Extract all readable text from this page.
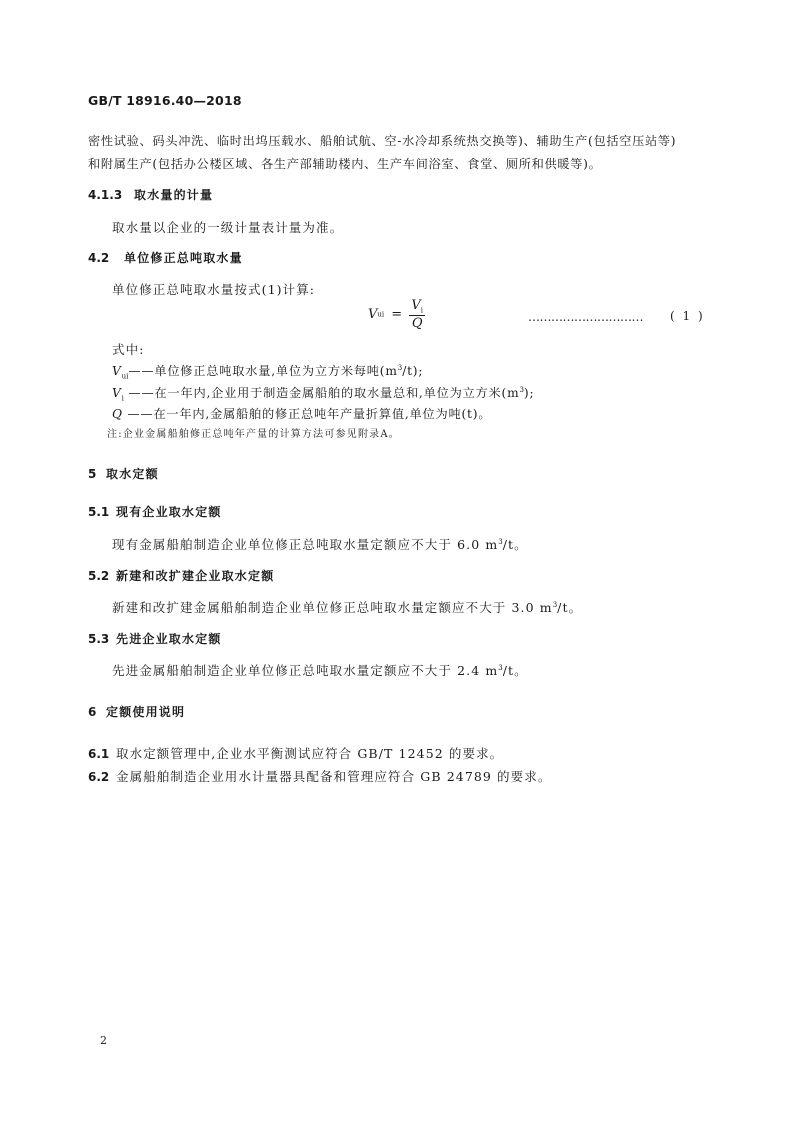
GB/T 18916.40—2018
密性试验、码头冲洗、临时出坞压载水、船舶试航、空-水冷却系统热交换等)、辅助生产(包括空压站等)
和附属生产(包括办公楼区域、各生产部辅助楼内、生产车间浴室、食堂、厕所和供暖等)。
4.1.3 取水量的计量
取水量以企业的一级计量表计量为准。
4.2 单位修正总吨取水量
单位修正总吨取水量按式(1)计算:
Vui = $\frac{V_i}{Q}$	………………………… ( 1 )
式中:
$V_{ui}——$单位修正总吨取水量,单位为立方米每吨$(m^3/t)$;
$V_i$ ——在一年内,企业用于制造金属船舶的取水量总和,单位为立方米$(m^3)$;
Q ——在一年内,金属船舶的修正总吨年产量折算值,单位为吨(t)。
注:企业金属船舶修正总吨年产量的计算方法可参见附录A。
5 取水定额
5.1 现有企业取水定额
现有金属船舶制造企业单位修正总吨取水量定额应不大于 6.0 $m^3/t$。
5.2 新建和改扩建企业取水定额
新建和改扩建金属船舶制造企业单位修正总吨取水量定额应不大于 3.0 $m^3/t$。
5.3 先进企业取水定额
先进金属船舶制造企业单位修正总吨取水量定额应不大于 2.4 $m^3/t$。
6 定额使用说明
6.1 取水定额管理中,企业水平衡测试应符合 GB/T 12452 的要求。
6.2 金属船舶制造企业用水计量器具配备和管理应符合 GB 24789 的要求。
2
